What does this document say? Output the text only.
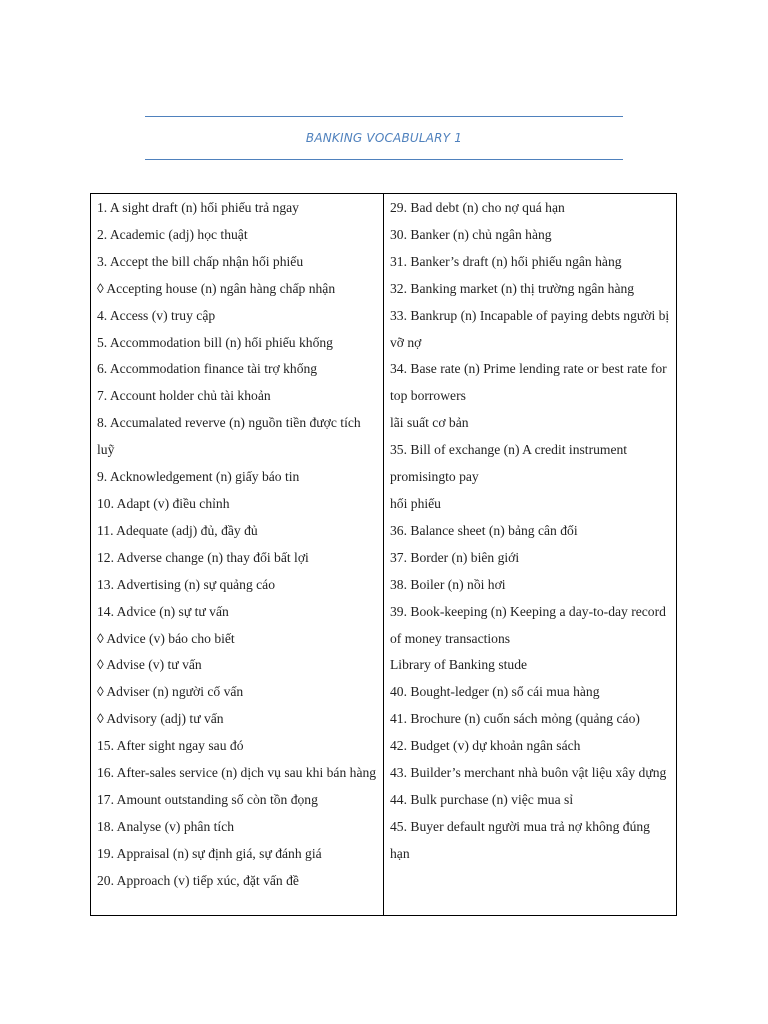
BANKING VOCABULARY 1

1. A sight draft (n) hối phiếu trả ngay

2. Academic (adj) học thuật

3. Accept the bill chấp nhận hối phiếu

◊ Accepting house (n) ngân hàng chấp nhận

4. Access (v) truy cập

5. Accommodation bill (n) hối phiếu khống

6. Accommodation finance tài trợ khống

7. Account holder chủ tài khoản

8. Accumalated reverve (n) nguồn tiền được tích luỹ

9. Acknowledgement (n) giấy báo tin

10. Adapt (v) điều chỉnh

11. Adequate (adj) đủ, đầy đủ

12. Adverse change (n) thay đổi bất lợi

13. Advertising (n) sự quảng cáo

14. Advice (n) sự tư vấn

◊ Advice (v) báo cho biết

◊ Advise (v) tư vấn

◊ Adviser (n) người cố vấn

◊ Advisory (adj) tư vấn

15. After sight ngay sau đó

16. After-sales service (n) dịch vụ sau khi bán hàng

17. Amount outstanding số còn tồn đọng

18. Analyse (v) phân tích

19. Appraisal (n) sự định giá, sự đánh giá

20. Approach (v) tiếp xúc, đặt vấn đề

29. Bad debt (n) cho nợ quá hạn

30. Banker (n) chủ ngân hàng

31. Banker’s draft (n) hối phiếu ngân hàng

32. Banking market (n) thị trường ngân hàng

33. Bankrup (n) Incapable of paying debts người bị vỡ nợ

34. Base rate (n) Prime lending rate or best rate for top borrowers

lãi suất cơ bản

35. Bill of exchange (n) A credit instrument promisingto pay

hối phiếu

36. Balance sheet (n) bảng cân đối

37. Border (n) biên giới

38. Boiler (n) nồi hơi

39. Book-keeping (n) Keeping a day-to-day record of money transactions

Library of Banking stude

40. Bought-ledger (n) sổ cái mua hàng

41. Brochure (n) cuốn sách mỏng (quảng cáo)

42. Budget (v) dự khoản ngân sách

43. Builder’s merchant nhà buôn vật liệu xây dựng

44. Bulk purchase (n) việc mua sỉ

45. Buyer default người mua trả nợ không đúng hạn
